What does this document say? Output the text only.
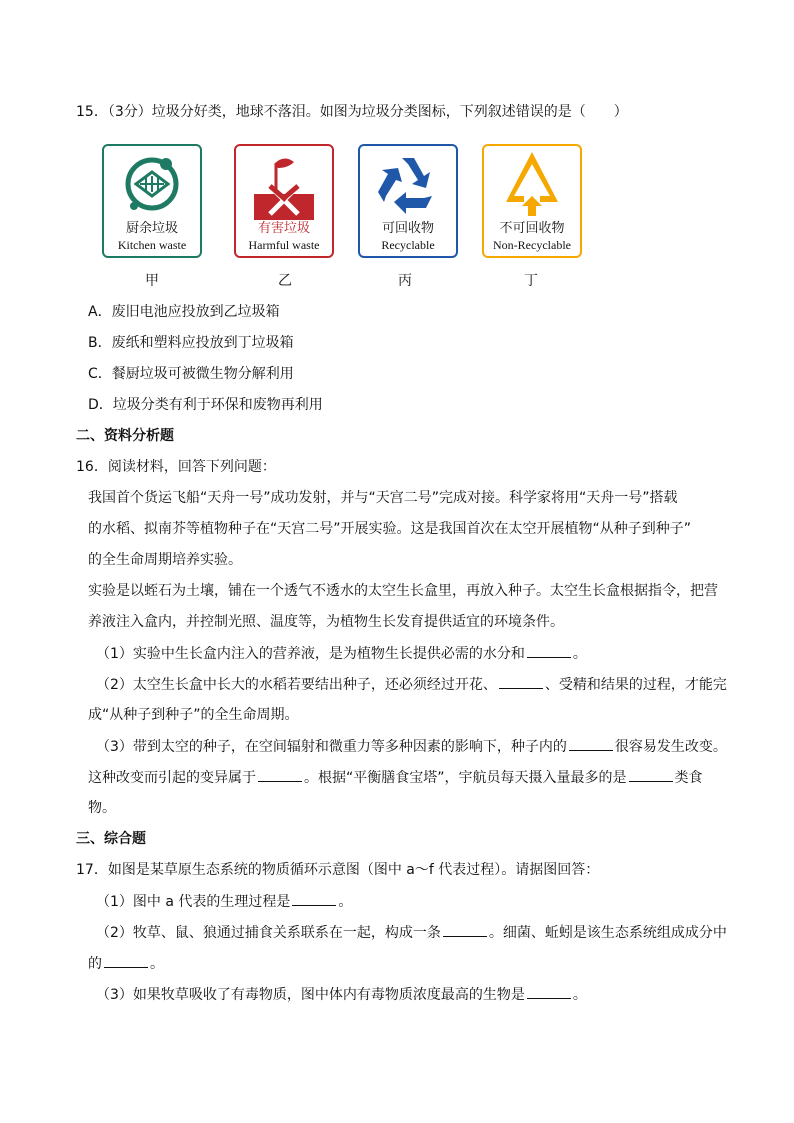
15．（3分）垃圾分好类，地球不落泪。如图为垃圾分类图标，下列叙述错误的是（　　）
厨余垃圾
Kitchen waste
有害垃圾
Harmful waste
可回收物
Recyclable
不可回收物
Non-Recyclable
甲	乙	丙	丁
A．废旧电池应投放到乙垃圾箱
B．废纸和塑料应投放到丁垃圾箱
C．餐厨垃圾可被微生物分解利用
D．垃圾分类有利于环保和废物再利用
二、资料分析题
16．阅读材料，回答下列问题：
我国首个货运飞船“天舟一号”成功发射，并与“天宫二号”完成对接。科学家将用“天舟一号”搭载
的水稻、拟南芥等植物种子在“天宫二号”开展实验。这是我国首次在太空开展植物“从种子到种子”
的全生命周期培养实验。
实验是以蛭石为土壤，铺在一个透气不透水的太空生长盒里，再放入种子。太空生长盒根据指令，把营
养液注入盒内，并控制光照、温度等，为植物生长发育提供适宜的环境条件。
（1）实验中生长盒内注入的营养液，是为植物生长提供必需的水分和	。
（2）太空生长盒中长大的水稻若要结出种子，还必须经过开花、	、受精和结果的过程，才能完
成“从种子到种子”的全生命周期。
（3）带到太空的种子，在空间辐射和微重力等多种因素的影响下，种子内的	很容易发生改变。
这种改变而引起的变异属于	。根据“平衡膳食宝塔”，宇航员每天摄入量最多的是	类食
物。
三、综合题
17．如图是某草原生态系统的物质循环示意图（图中 a～f 代表过程）。请据图回答：
（1）图中 a 代表的生理过程是	。
（2）牧草、鼠、狼通过捕食关系联系在一起，构成一条	。细菌、蚯蚓是该生态系统组成成分中
的	。
（3）如果牧草吸收了有毒物质，图中体内有毒物质浓度最高的生物是	。
